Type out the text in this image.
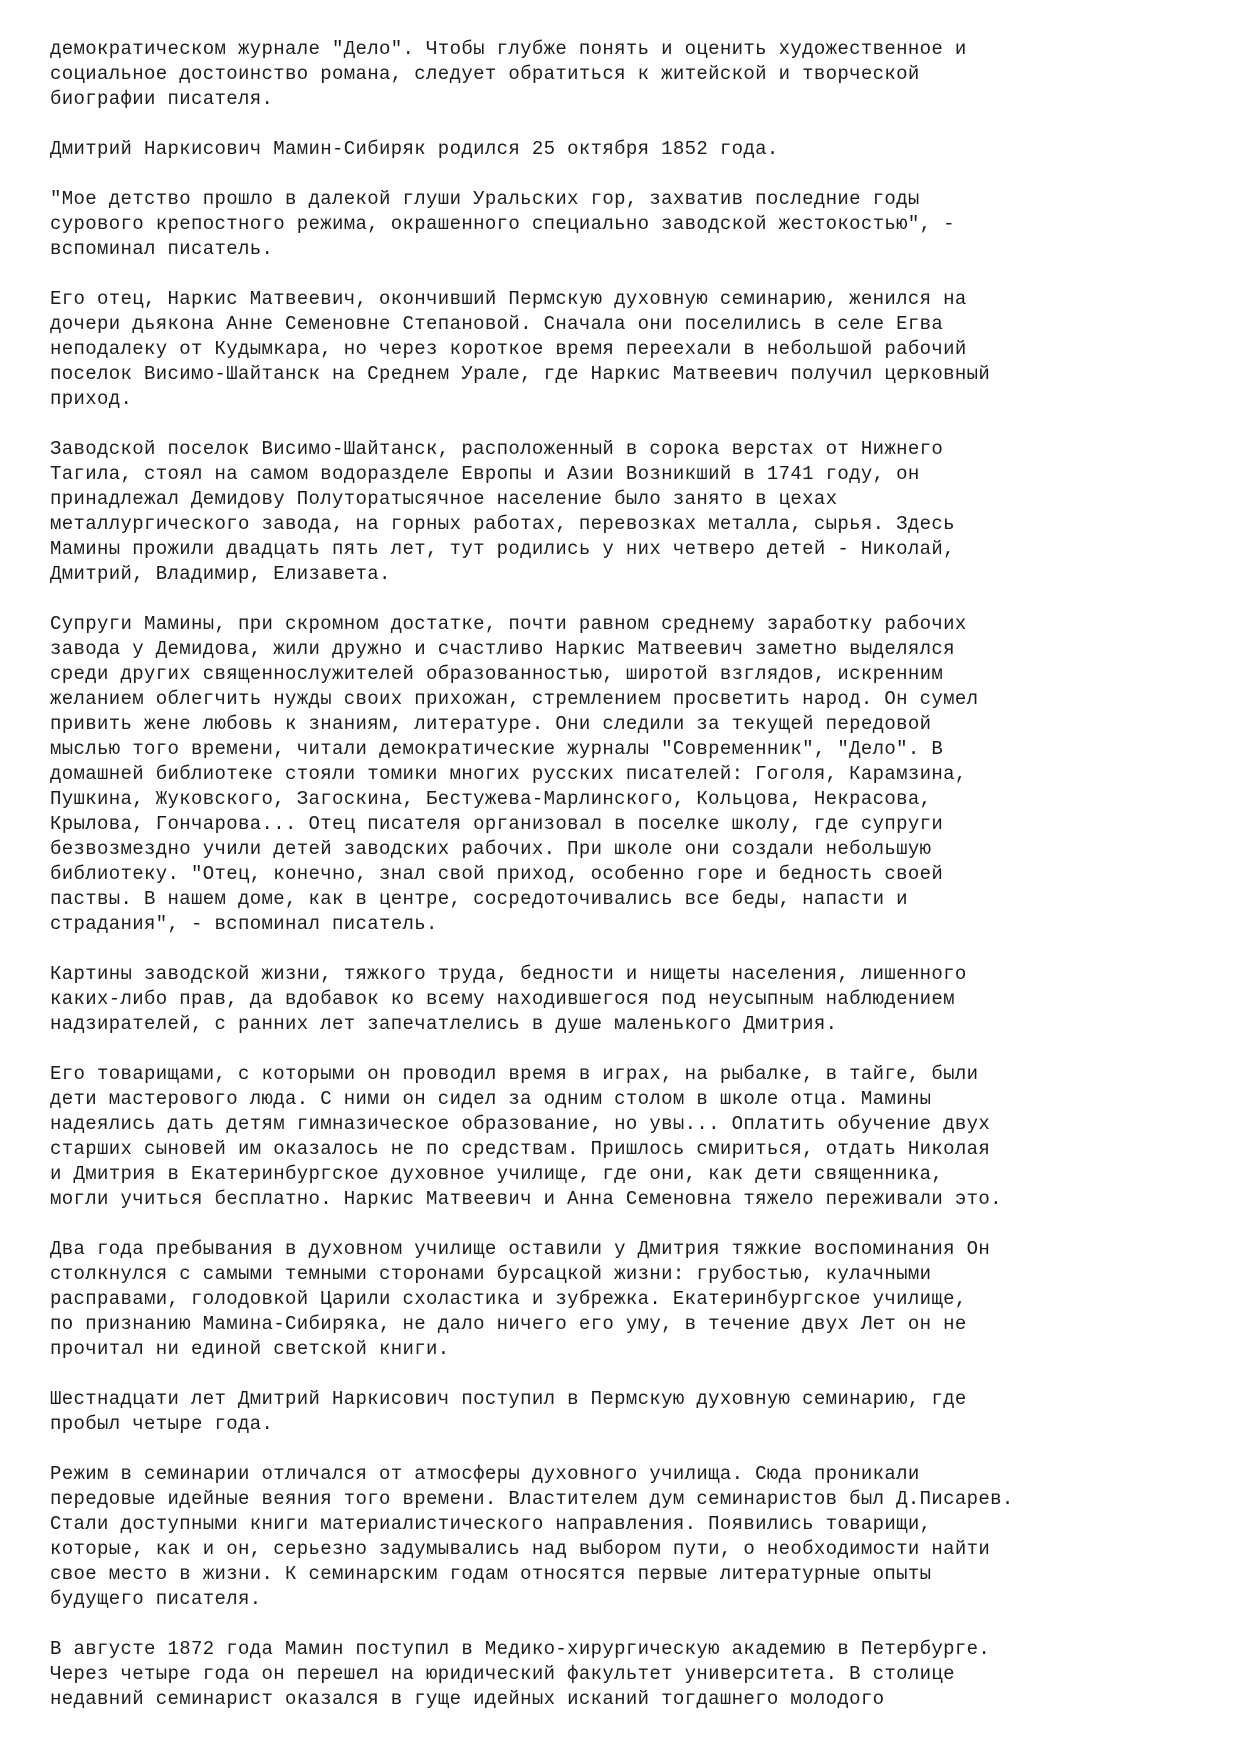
демократическом журнале "Дело". Чтобы глубже понять и оценить художественное и
социальное достоинство романа, следует обратиться к житейской и творческой
биографии писателя.
Дмитрий Наркисович Мамин-Сибиряк родился 25 октября 1852 года.
"Мое детство прошло в далекой глуши Уральских гор, захватив последние годы
сурового крепостного режима, окрашенного специально заводской жестокостью", -
вспоминал писатель.
Его отец, Наркис Матвеевич, окончивший Пермскую духовную семинарию, женился на
дочери дьякона Анне Семеновне Степановой. Сначала они поселились в селе Егва
неподалеку от Кудымкара, но через короткое время переехали в небольшой рабочий
поселок Висимо-Шайтанск на Среднем Урале, где Наркис Матвеевич получил церковный
приход.
Заводской поселок Висимо-Шайтанск, расположенный в сорока верстах от Нижнего
Тагила, стоял на самом водоразделе Европы и Азии Возникший в 1741 году, он
принадлежал Демидову Полуторатысячное население было занято в цехах
металлургического завода, на горных работах, перевозках металла, сырья. Здесь
Мамины прожили двадцать пять лет, тут родились у них четверо детей - Николай,
Дмитрий, Владимир, Елизавета.
Супруги Мамины, при скромном достатке, почти равном среднему заработку рабочих
завода у Демидова, жили дружно и счастливо Наркис Матвеевич заметно выделялся
среди других священнослужителей образованностью, широтой взглядов, искренним
желанием облегчить нужды своих прихожан, стремлением просветить народ. Он сумел
привить жене любовь к знаниям, литературе. Они следили за текущей передовой
мыслью того времени, читали демократические журналы "Современник", "Дело". В
домашней библиотеке стояли томики многих русских писателей: Гоголя, Карамзина,
Пушкина, Жуковского, Загоскина, Бестужева-Марлинского, Кольцова, Некрасова,
Крылова, Гончарова... Отец писателя организовал в поселке школу, где супруги
безвозмездно учили детей заводских рабочих. При школе они создали небольшую
библиотеку. "Отец, конечно, знал свой приход, особенно горе и бедность своей
паствы. В нашем доме, как в центре, сосредоточивались все беды, напасти и
страдания", - вспоминал писатель.
Картины заводской жизни, тяжкого труда, бедности и нищеты населения, лишенного
каких-либо прав, да вдобавок ко всему находившегося под неусыпным наблюдением
надзирателей, с ранних лет запечатлелись в душе маленького Дмитрия.
Его товарищами, с которыми он проводил время в играх, на рыбалке, в тайге, были
дети мастерового люда. С ними он сидел за одним столом в школе отца. Мамины
надеялись дать детям гимназическое образование, но увы... Оплатить обучение двух
старших сыновей им оказалось не по средствам. Пришлось смириться, отдать Николая
и Дмитрия в Екатеринбургское духовное училище, где они, как дети священника,
могли учиться бесплатно. Наркис Матвеевич и Анна Семеновна тяжело переживали это.
Два года пребывания в духовном училище оставили у Дмитрия тяжкие воспоминания Он
столкнулся с самыми темными сторонами бурсацкой жизни: грубостью, кулачными
расправами, голодовкой Царили схоластика и зубрежка. Екатеринбургское училище,
по признанию Мамина-Сибиряка, не дало ничего его уму, в течение двух Лет он не
прочитал ни единой светской книги.
Шестнадцати лет Дмитрий Наркисович поступил в Пермскую духовную семинарию, где
пробыл четыре года.
Режим в семинарии отличался от атмосферы духовного училища. Сюда проникали
передовые идейные веяния того времени. Властителем дум семинаристов был Д.Писарев.
Стали доступными книги материалистического направления. Появились товарищи,
которые, как и он, серьезно задумывались над выбором пути, о необходимости найти
свое место в жизни. К семинарским годам относятся первые литературные опыты
будущего писателя.
В августе 1872 года Мамин поступил в Медико-хирургическую академию в Петербурге.
Через четыре года он перешел на юридический факультет университета. В столице
недавний семинарист оказался в гуще идейных исканий тогдашнего молодого
